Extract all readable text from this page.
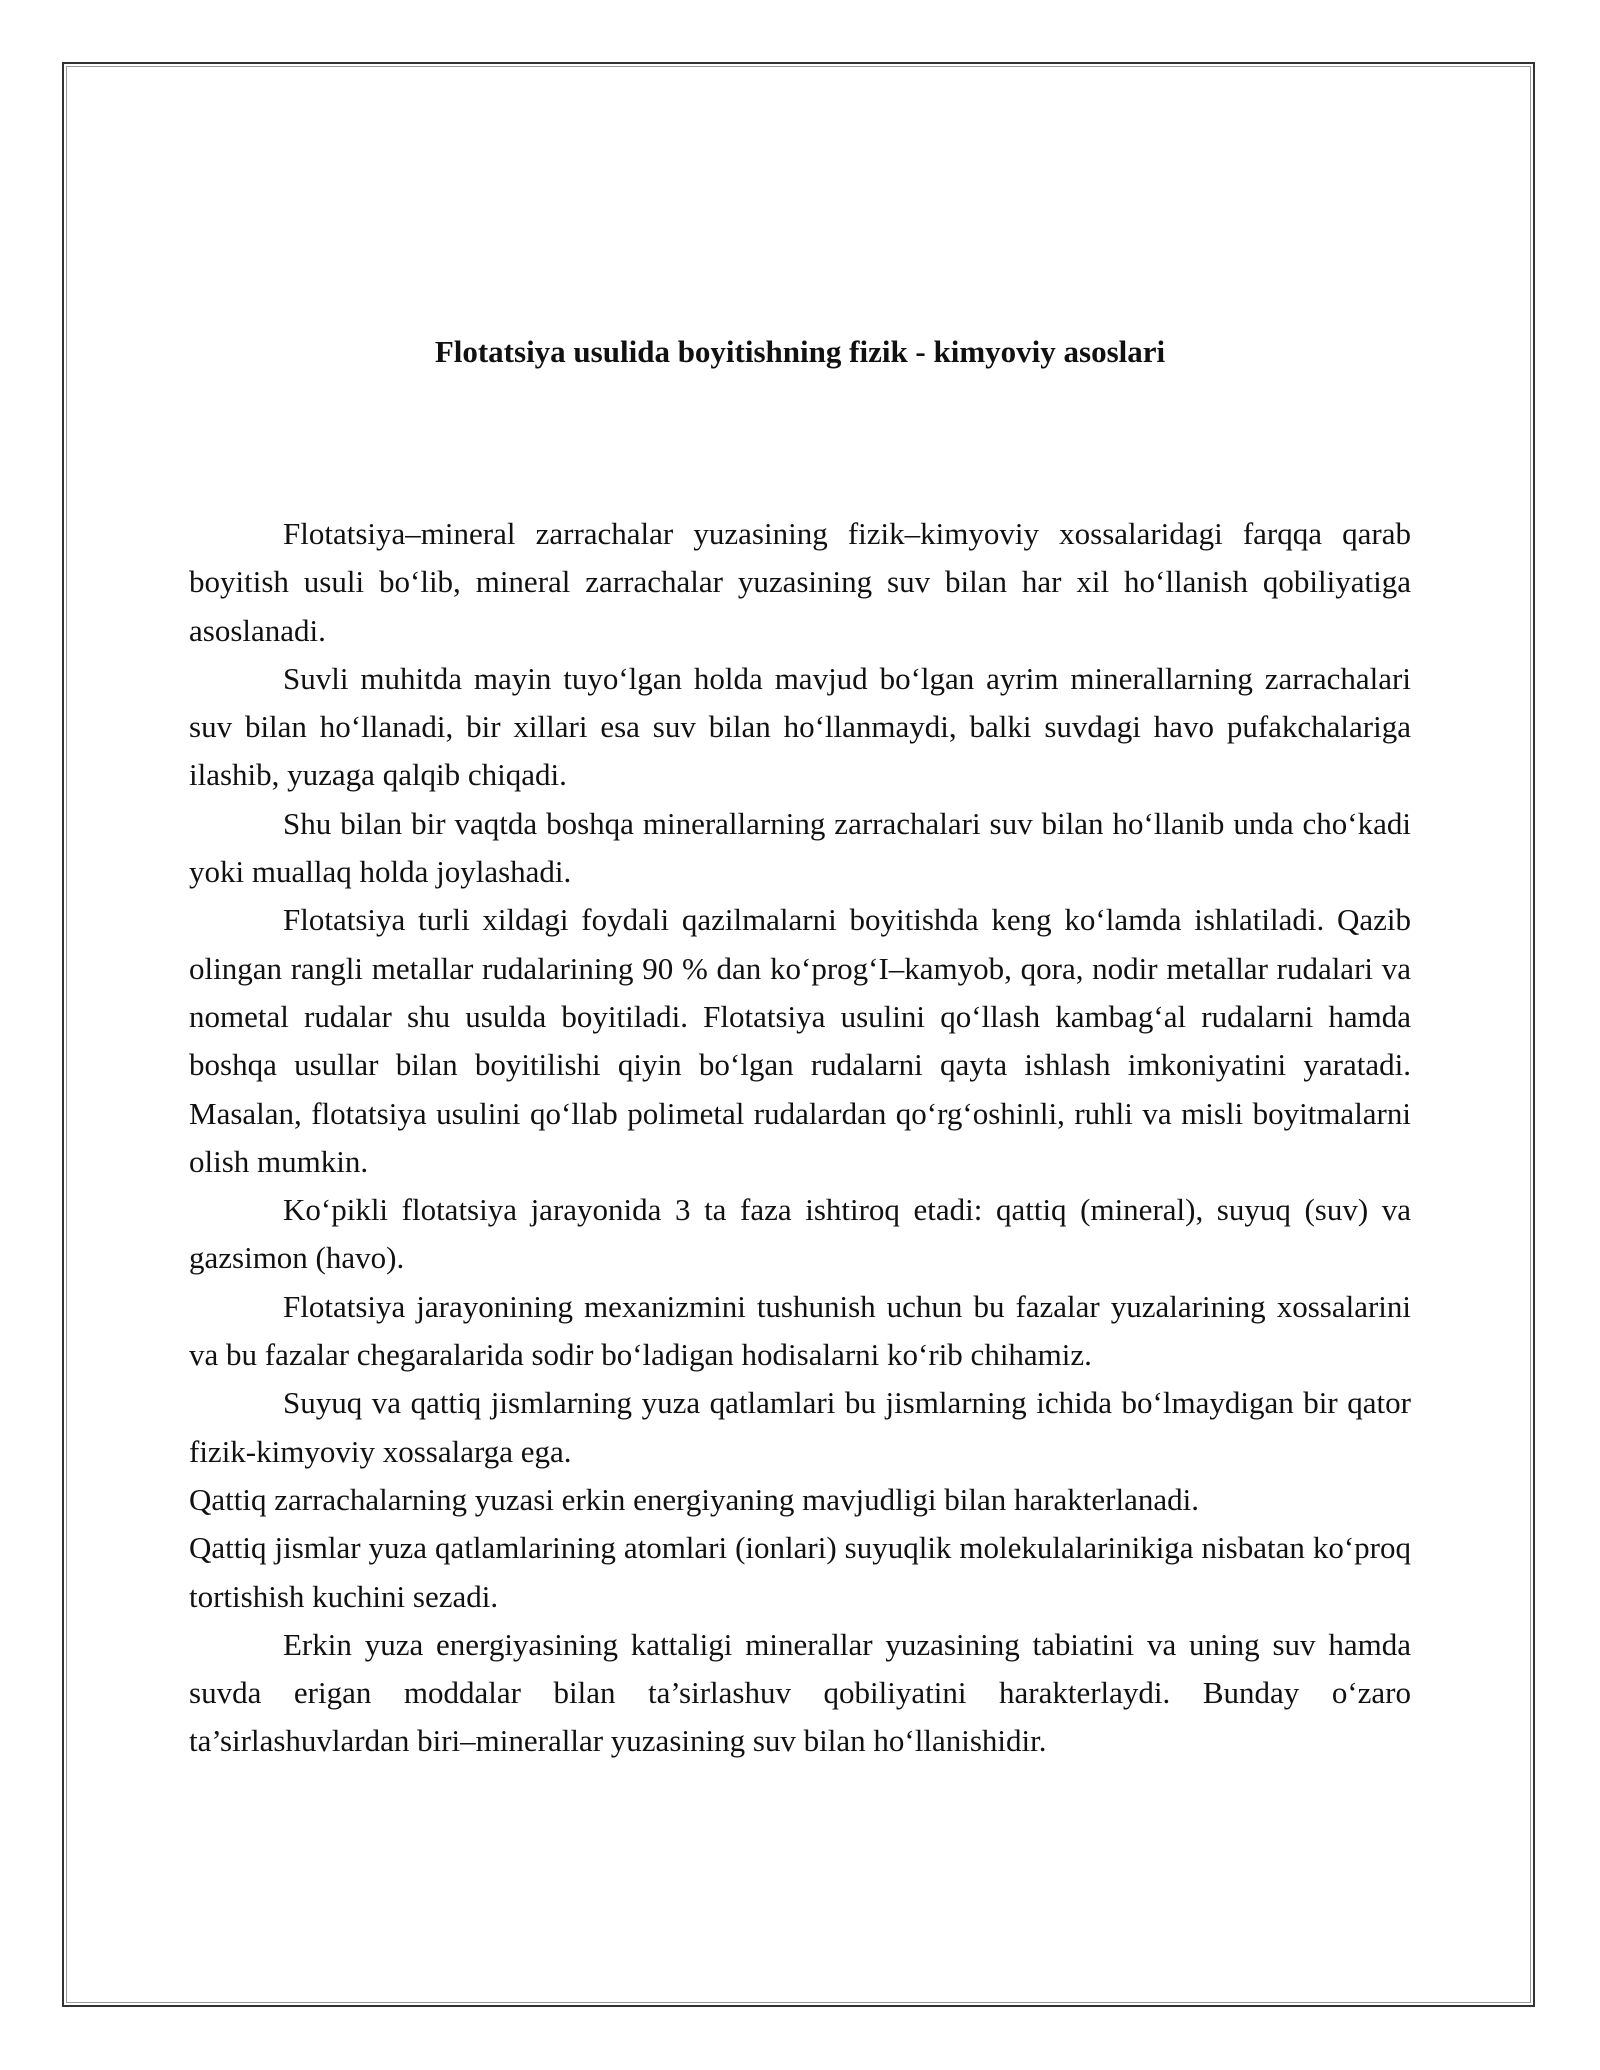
Flotatsiya usulida boyitishning fizik - kimyoviy asoslari

Flotatsiya–mineral zarrachalar yuzasining fizik–kimyoviy xossalaridagi farqqa qarab boyitish usuli bo‘lib, mineral zarrachalar yuzasining suv bilan har xil ho‘llanish qobiliyatiga asoslanadi.

Suvli muhitda mayin tuyo‘lgan holda mavjud bo‘lgan ayrim minerallarning zarrachalari suv bilan ho‘llanadi, bir xillari esa suv bilan ho‘llanmaydi, balki suvdagi havo pufakchalariga ilashib, yuzaga qalqib chiqadi.

Shu bilan bir vaqtda boshqa minerallarning zarrachalari suv bilan ho‘llanib unda cho‘kadi yoki muallaq holda joylashadi.

Flotatsiya turli xildagi foydali qazilmalarni boyitishda keng ko‘lamda ishlatiladi. Qazib olingan rangli metallar rudalarining 90 % dan ko‘prog‘I–kamyob, qora, nodir metallar rudalari va nometal rudalar shu usulda boyitiladi. Flotatsiya usulini qo‘llash kambag‘al rudalarni hamda boshqa usullar bilan boyitilishi qiyin bo‘lgan rudalarni qayta ishlash imkoniyatini yaratadi. Masalan, flotatsiya usulini qo‘llab polimetal rudalardan qo‘rg‘oshinli, ruhli va misli boyitmalarni olish mumkin.

Ko‘pikli flotatsiya jarayonida 3 ta faza ishtiroq etadi: qattiq (mineral), suyuq (suv) va gazsimon (havo).

Flotatsiya jarayonining mexanizmini tushunish uchun bu fazalar yuzalarining xossalarini va bu fazalar chegaralarida sodir bo‘ladigan hodisalarni ko‘rib chihamiz.

Suyuq va qattiq jismlarning yuza qatlamlari bu jismlarning ichida bo‘lmaydigan bir qator fizik-kimyoviy xossalarga ega.

Qattiq zarrachalarning yuzasi erkin energiyaning mavjudligi bilan harakterlanadi.

Qattiq jismlar yuza qatlamlarining atomlari (ionlari) suyuqlik molekulalarinikiga nisbatan ko‘proq tortishish kuchini sezadi.

Erkin yuza energiyasining kattaligi minerallar yuzasining tabiatini va uning suv hamda suvda erigan moddalar bilan ta’sirlashuv qobiliyatini harakterlaydi. Bunday o‘zaro ta’sirlashuvlardan biri–minerallar yuzasining suv bilan ho‘llanishidir.
